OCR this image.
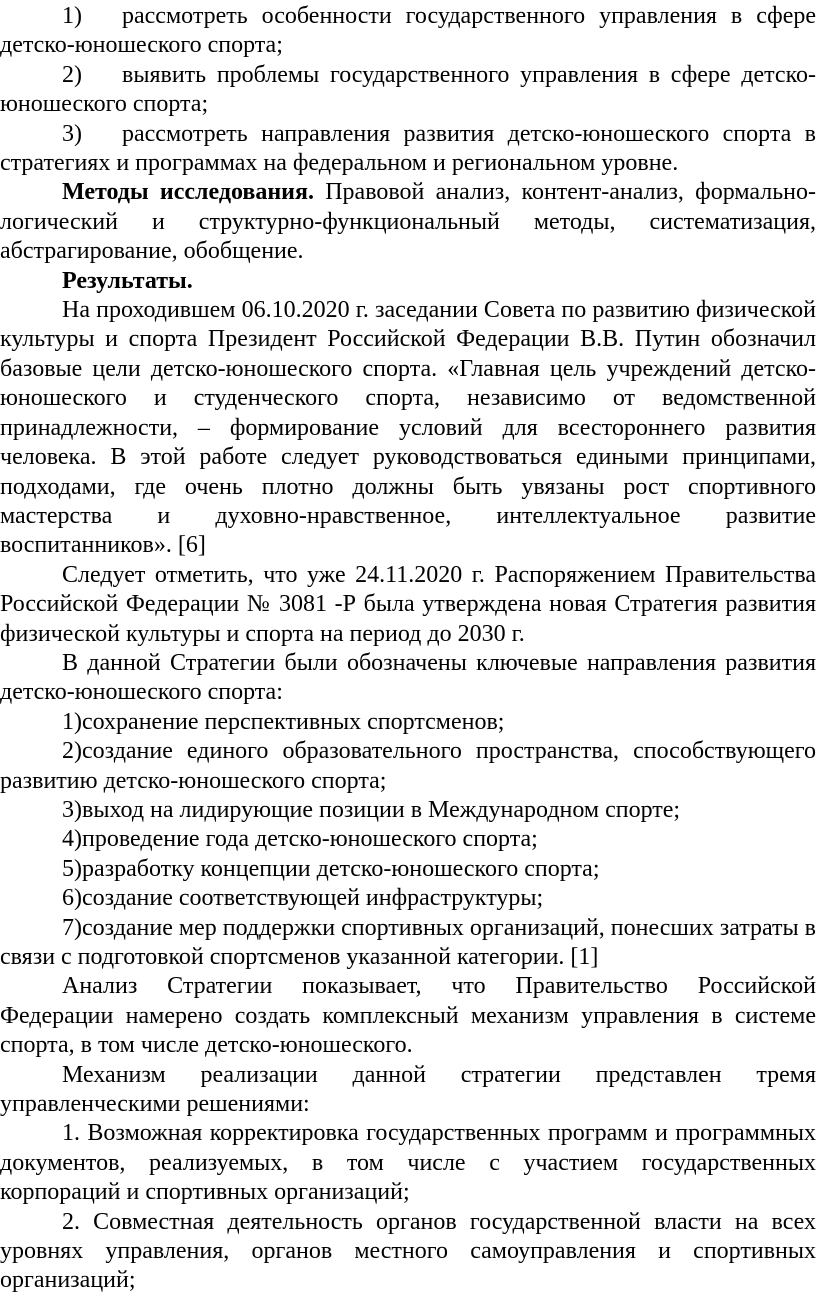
1) рассмотреть особенности государственного управления в сфере детско-юношеского спорта;

2) выявить проблемы государственного управления в сфере детско-юношеского спорта;

3) рассмотреть направления развития детско-юношеского спорта в стратегиях и программах на федеральном и региональном уровне.

Методы исследования. Правовой анализ, контент-анализ, формально-логический и структурно-функциональный методы, систематизация, абстрагирование, обобщение.

Результаты.

На проходившем 06.10.2020 г. заседании Совета по развитию физической культуры и спорта Президент Российской Федерации В.В. Путин обозначил базовые цели детско-юношеского спорта. «Главная цель учреждений детско-юношеского и студенческого спорта, независимо от ведомственной принадлежности, – формирование условий для всестороннего развития человека. В этой работе следует руководствоваться едиными принципами, подходами, где очень плотно должны быть увязаны рост спортивного мастерства и духовно-нравственное, интеллектуальное развитие воспитанников». [6]

Следует отметить, что уже 24.11.2020 г. Распоряжением Правительства Российской Федерации № 3081 -Р была утверждена новая Стратегия развития физической культуры и спорта на период до 2030 г.

В данной Стратегии были обозначены ключевые направления развития детско-юношеского спорта:

1)сохранение перспективных спортсменов;

2)создание единого образовательного пространства, способствующего развитию детско-юношеского спорта;

3)выход на лидирующие позиции в Международном спорте;

4)проведение года детско-юношеского спорта;

5)разработку концепции детско-юношеского спорта;

6)создание соответствующей инфраструктуры;

7)создание мер поддержки спортивных организаций, понесших затраты в связи с подготовкой спортсменов указанной категории. [1]

Анализ Стратегии показывает, что Правительство Российской Федерации намерено создать комплексный механизм управления в системе спорта, в том числе детско-юношеского.

Механизм реализации данной стратегии представлен тремя управленческими решениями:

1. Возможная корректировка государственных программ и программных документов, реализуемых, в том числе с участием государственных корпораций и спортивных организаций;

2. Совместная деятельность органов государственной власти на всех уровнях управления, органов местного самоуправления и спортивных организаций;
